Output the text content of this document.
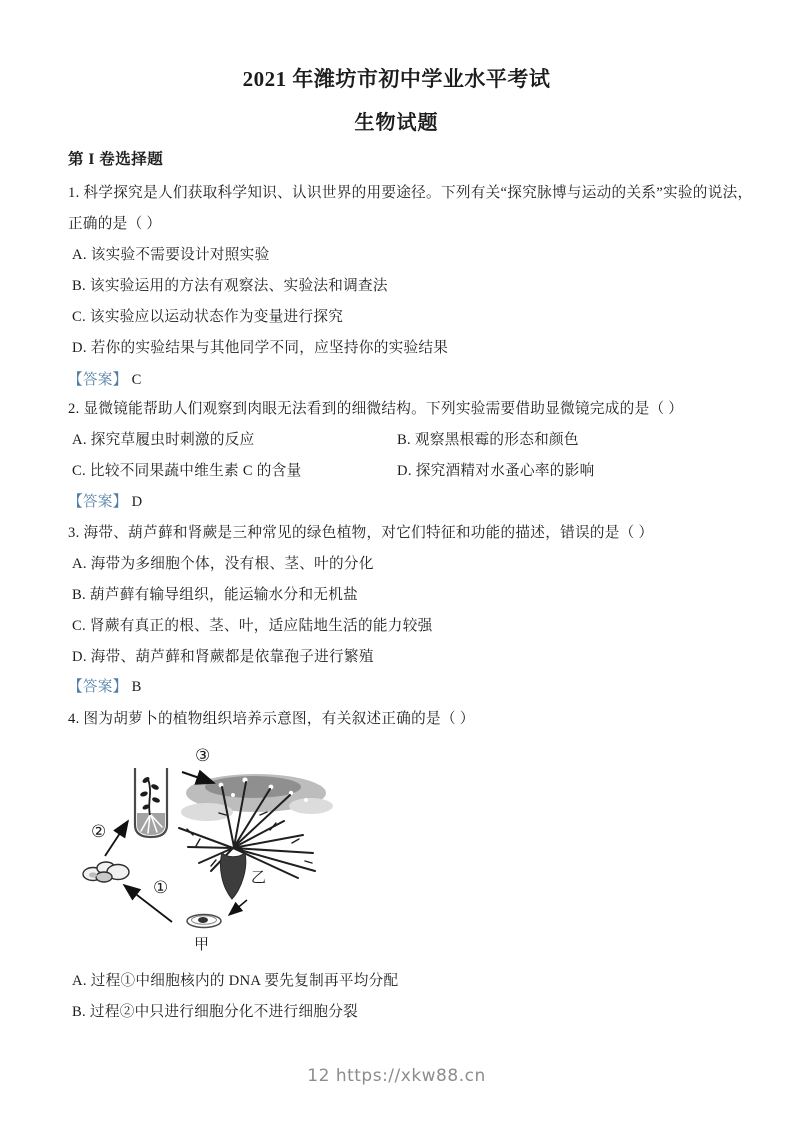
2021 年潍坊市初中学业水平考试
生物试题
第 I 卷选择题
1. 科学探究是人们获取科学知识、认识世界的用要途径。下列有关“探究脉博与运动的关系”实验的说法，
正确的是（ ）
A. 该实验不需要设计对照实验
B. 该实验运用的方法有观察法、实验法和调查法
C. 该实验应以运动状态作为变量进行探究
D. 若你的实验结果与其他同学不同，应坚持你的实验结果
【答案】 C
2. 显微镜能帮助人们观察到肉眼无法看到的细微结构。下列实验需要借助显微镜完成的是（ ）
A. 探究草履虫时刺激的反应	B. 观察黑根霉的形态和颜色
C. 比较不同果蔬中维生素 C 的含量	D. 探究酒精对水蚤心率的影响
【答案】 D
3. 海带、葫芦藓和肾蕨是三种常见的绿色植物，对它们特征和功能的描述，错误的是（ ）
A. 海带为多细胞个体，没有根、茎、叶的分化
B. 葫芦藓有输导组织，能运输水分和无机盐
C. 肾蕨有真正的根、茎、叶，适应陆地生活的能力较强
D. 海带、葫芦藓和肾蕨都是依靠孢子进行繁殖
【答案】 B
4. 图为胡萝卜的植物组织培养示意图，有关叙述正确的是（ ）
③
②
①
乙
甲
A. 过程①中细胞核内的 DNA 要先复制再平均分配
B. 过程②中只进行细胞分化不进行细胞分裂
12 https://xkw88.cn
